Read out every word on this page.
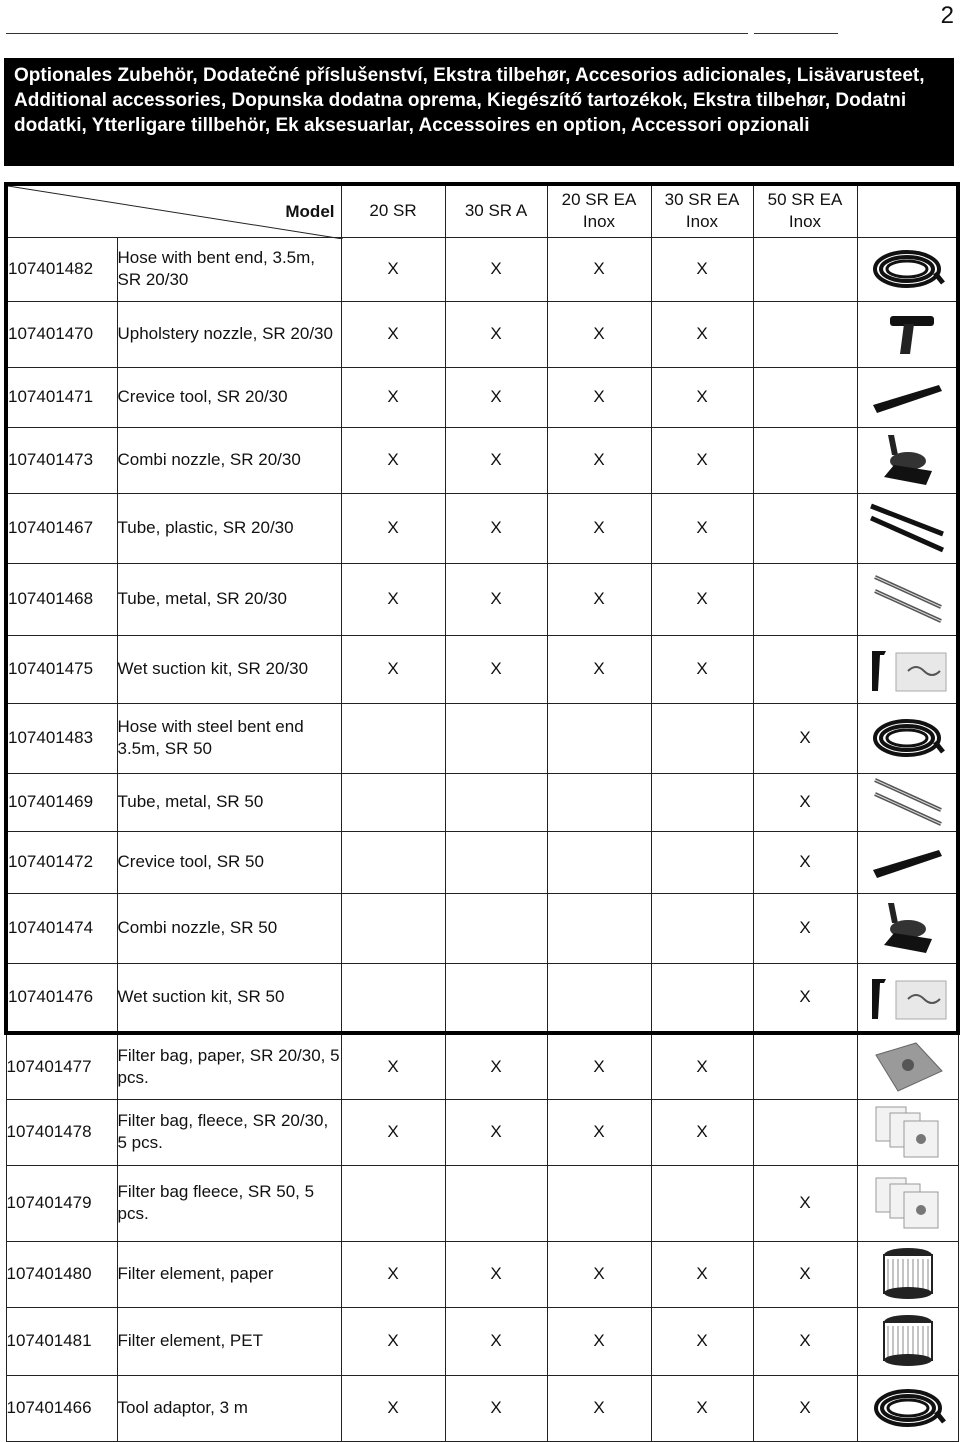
2
Optionales Zubehör, Dodatečné příslušenství, Ekstra tilbehør, Accesorios adicionales, Lisävarusteet, Additional accessories, Dopunska dodatna oprema, Kiegészítő tartozékok, Ekstra tilbehør, Dodatni dodatki, Ytterligare tillbehör, Ek aksesuarlar, Accessoires en option, Accessori opzionali
Model		20 SR	30 SR A	20 SR EA Inox	30 SR EA Inox	50 SR EA Inox	
107401482	Hose with bent end, 3.5m, SR 20/30	X	X	X	X		

107401470	Upholstery nozzle, SR 20/30	X	X	X	X		

107401471	Crevice tool, SR 20/30	X	X	X	X		

107401473	Combi nozzle, SR 20/30	X	X	X	X		

107401467	Tube, plastic, SR 20/30	X	X	X	X		

107401468	Tube, metal, SR 20/30	X	X	X	X		

107401475	Wet suction kit, SR 20/30	X	X	X	X		

107401483	Hose with steel bent end 3.5m, SR 50					X	

107401469	Tube, metal, SR 50					X	

107401472	Crevice tool, SR 50					X	

107401474	Combi nozzle, SR 50					X	

107401476	Wet suction kit, SR 50					X	

107401477	Filter bag, paper, SR 20/30, 5 pcs.	X	X	X	X		

107401478	Filter bag, fleece, SR 20/30, 5 pcs.	X	X	X	X		

107401479	Filter bag fleece, SR 50, 5 pcs.					X	

107401480	Filter element, paper	X	X	X	X	X	

107401481	Filter element, PET	X	X	X	X	X	

107401466	Tool adaptor, 3 m	X	X	X	X	X	
